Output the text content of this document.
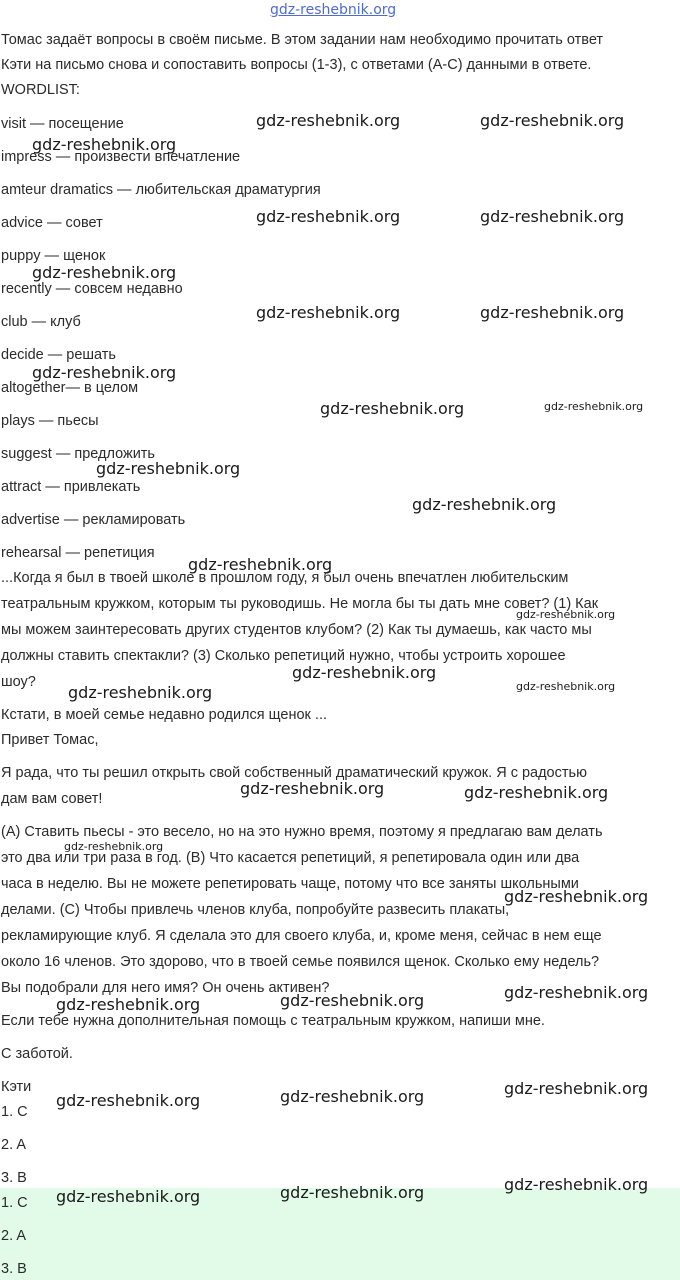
gdz-reshebnik.org
Томас задаёт вопросы в своём письме. В этом задании нам необходимо прочитать ответ
Кэти на письмо снова и сопоставить вопросы (1-3), с ответами (A-C) данными в ответе.
WORDLIST:
visit — посещение
impress — произвести впечатление
amteur dramatics — любительская драматургия
advice — совет
puppy — щенок
recently — совсем недавно
club — клуб
decide — решать
altogether— в целом
plays — пьесы
suggest — предложить
attract — привлекать
advertise — рекламировать
rehearsal — репетиция
...Когда я был в твоей школе в прошлом году, я был очень впечатлен любительским
театральным кружком, которым ты руководишь. Не могла бы ты дать мне совет? (1) Как
мы можем заинтересовать других студентов клубом? (2) Как ты думаешь, как часто мы
должны ставить спектакли? (3) Сколько репетиций нужно, чтобы устроить хорошее
шоу?
Кстати, в моей семье недавно родился щенок ...
Привет Томас,
Я рада, что ты решил открыть свой собственный драматический кружок. Я с радостью
дам вам совет!
(A) Ставить пьесы - это весело, но на это нужно время, поэтому я предлагаю вам делать
это два или три раза в год. (B) Что касается репетиций, я репетировала один или два
часа в неделю. Вы не можете репетировать чаще, потому что все заняты школьными
делами. (C) Чтобы привлечь членов клуба, попробуйте развесить плакаты,
рекламирующие клуб. Я сделала это для своего клуба, и, кроме меня, сейчас в нем еще
около 16 членов. Это здорово, что в твоей семье появился щенок. Сколько ему недель?
Вы подобрали для него имя? Он очень активен?
Если тебе нужна дополнительная помощь с театральным кружком, напиши мне.
С заботой.
Кэти
1. C
2. A
3. B
1. C
2. A
3. B
gdz-reshebnik.org	gdz-reshebnik.org
gdz-reshebnik.org
gdz-reshebnik.org	gdz-reshebnik.org
gdz-reshebnik.org
gdz-reshebnik.org	gdz-reshebnik.org
gdz-reshebnik.org
gdz-reshebnik.org	gdz-reshebnik.org
gdz-reshebnik.org
gdz-reshebnik.org
gdz-reshebnik.org
gdz-reshebnik.org
gdz-reshebnik.org
gdz-reshebnik.org	gdz-reshebnik.org
gdz-reshebnik.org	gdz-reshebnik.org
gdz-reshebnik.org
gdz-reshebnik.org
gdz-reshebnik.org	gdz-reshebnik.org	gdz-reshebnik.org
gdz-reshebnik.org	gdz-reshebnik.org	gdz-reshebnik.org
gdz-reshebnik.org	gdz-reshebnik.org	gdz-reshebnik.org
